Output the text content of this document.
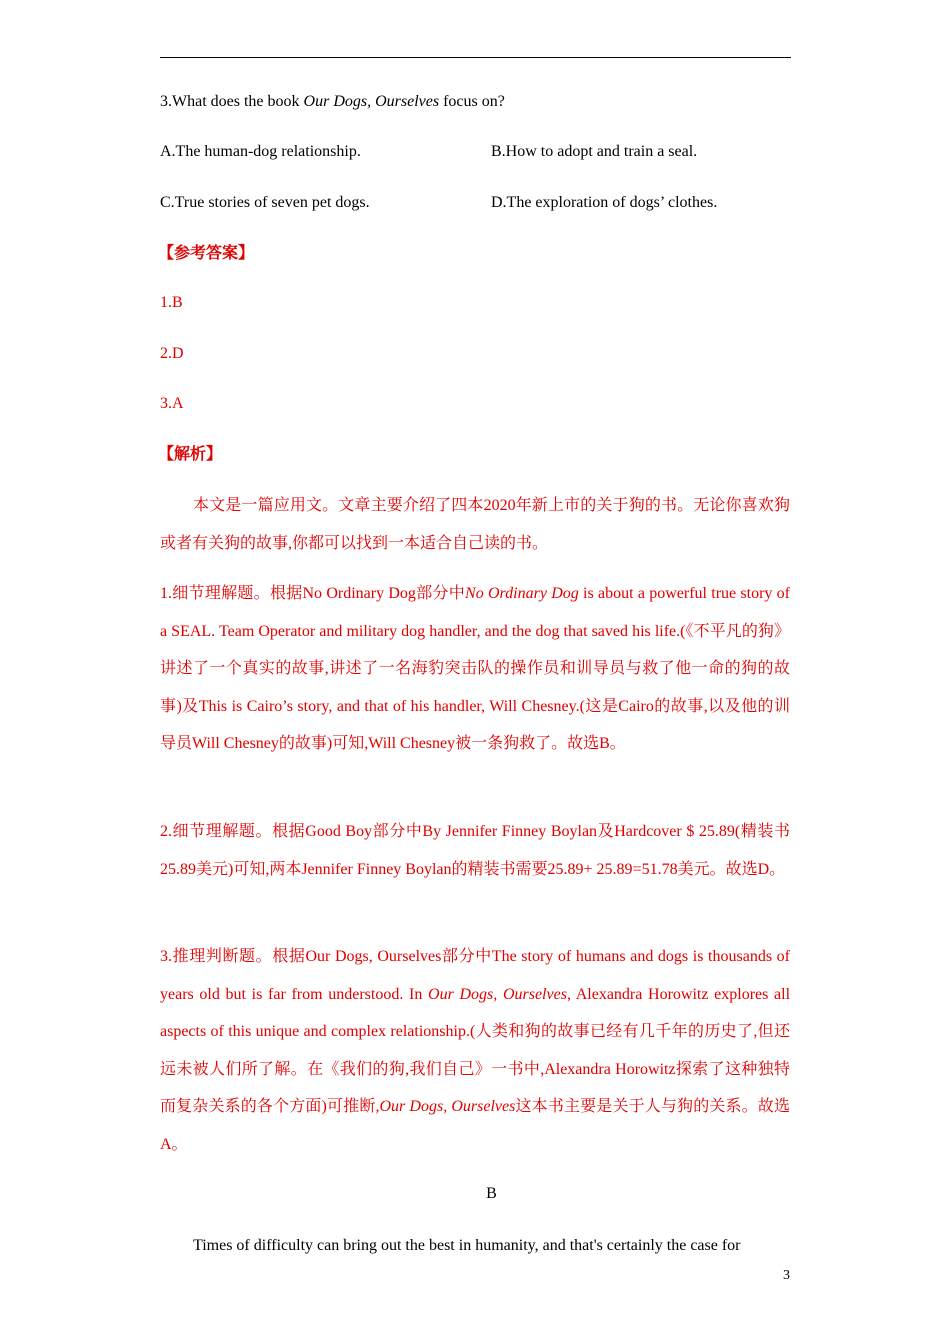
3.What does the book Our Dogs, Ourselves focus on?
A.The human-dog relationship.	B.How to adopt and train a seal.
C.True stories of seven pet dogs.	D.The exploration of dogs’ clothes.
【参考答案】
1.B
2.D
3.A
【解析】
本文是一篇应用文。文章主要介绍了四本2020年新上市的关于狗的书。无论你喜欢狗或者有关狗的故事,你都可以找到一本适合自己读的书。
1.细节理解题。根据No Ordinary Dog部分中No Ordinary Dog is about a powerful true story of a SEAL. Team Operator and military dog handler, and the dog that saved his life.(《不平凡的狗》讲述了一个真实的故事,讲述了一名海豹突击队的操作员和训导员与救了他一命的狗的故事)及This is Cairo’s story, and that of his handler, Will Chesney.(这是Cairo的故事,以及他的训导员Will Chesney的故事)可知,Will Chesney被一条狗救了。故选B。
2.细节理解题。根据Good Boy部分中By Jennifer Finney Boylan及Hardcover $ 25.89(精装书25.89美元)可知,两本Jennifer Finney Boylan的精装书需要25.89+ 25.89=51.78美元。故选D。
3.推理判断题。根据Our Dogs, Ourselves部分中The story of humans and dogs is thousands of years old but is far from understood. In Our Dogs, Ourselves, Alexandra Horowitz explores all aspects of this unique and complex relationship.(人类和狗的故事已经有几千年的历史了,但还远未被人们所了解。在《我们的狗,我们自己》一书中,Alexandra Horowitz探索了这种独特而复杂关系的各个方面)可推断,Our Dogs, Ourselves这本书主要是关于人与狗的关系。故选A。
B
Times of difficulty can bring out the best in humanity, and that's certainly the case for
3
